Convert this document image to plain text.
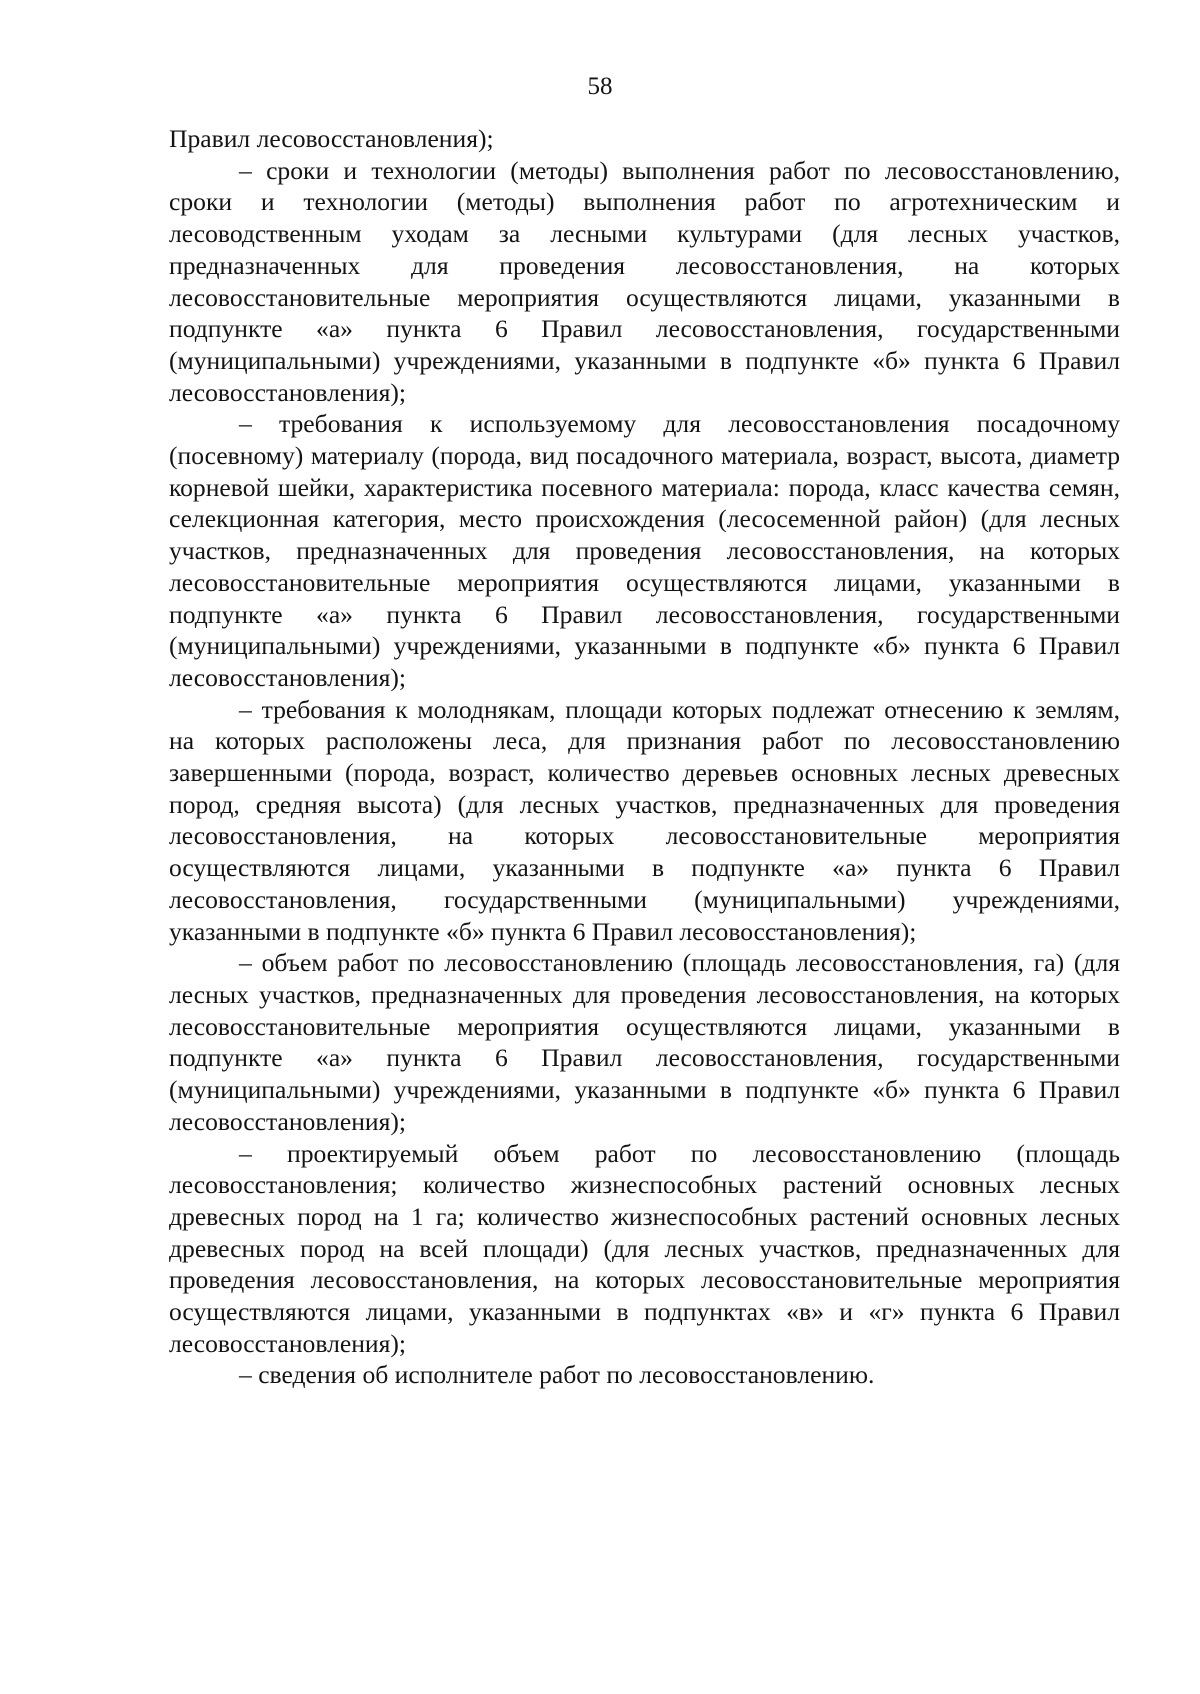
58

Правил лесовосстановления);

– сроки и технологии (методы) выполнения работ по лесовосстановлению, сроки и технологии (методы) выполнения работ по агротехническим и лесоводственным уходам за лесными культурами (для лесных участков, предназначенных для проведения лесовосстановления, на которых лесовосстановительные мероприятия осуществляются лицами, указанными в подпункте «а» пункта 6 Правил лесовосстановления, государственными (муниципальными) учреждениями, указанными в подпункте «б» пункта 6 Правил лесовосстановления);

– требования к используемому для лесовосстановления посадочному (посевному) материалу (порода, вид посадочного материала, возраст, высота, диаметр корневой шейки, характеристика посевного материала: порода, класс качества семян, селекционная категория, место происхождения (лесосеменной район) (для лесных участков, предназначенных для проведения лесовосстановления, на которых лесовосстановительные мероприятия осуществляются лицами, указанными в подпункте «а» пункта 6 Правил лесовосстановления, государственными (муниципальными) учреждениями, указанными в подпункте «б» пункта 6 Правил лесовосстановления);

– требования к молоднякам, площади которых подлежат отнесению к землям, на которых расположены леса, для признания работ по лесовосстановлению завершенными (порода, возраст, количество деревьев основных лесных древесных пород, средняя высота) (для лесных участков, предназначенных для проведения лесовосстановления, на которых лесовосстановительные мероприятия осуществляются лицами, указанными в подпункте «а» пункта 6 Правил лесовосстановления, государственными (муниципальными) учреждениями, указанными в подпункте «б» пункта 6 Правил лесовосстановления);

– объем работ по лесовосстановлению (площадь лесовосстановления, га) (для лесных участков, предназначенных для проведения лесовосстановления, на которых лесовосстановительные мероприятия осуществляются лицами, указанными в подпункте «а» пункта 6 Правил лесовосстановления, государственными (муниципальными) учреждениями, указанными в подпункте «б» пункта 6 Правил лесовосстановления);

– проектируемый объем работ по лесовосстановлению (площадь лесовосстановления; количество жизнеспособных растений основных лесных древесных пород на 1 га; количество жизнеспособных растений основных лесных древесных пород на всей площади) (для лесных участков, предназначенных для проведения лесовосстановления, на которых лесовосстановительные мероприятия осуществляются лицами, указанными в подпунктах «в» и «г» пункта 6 Правил лесовосстановления);

– сведения об исполнителе работ по лесовосстановлению.
